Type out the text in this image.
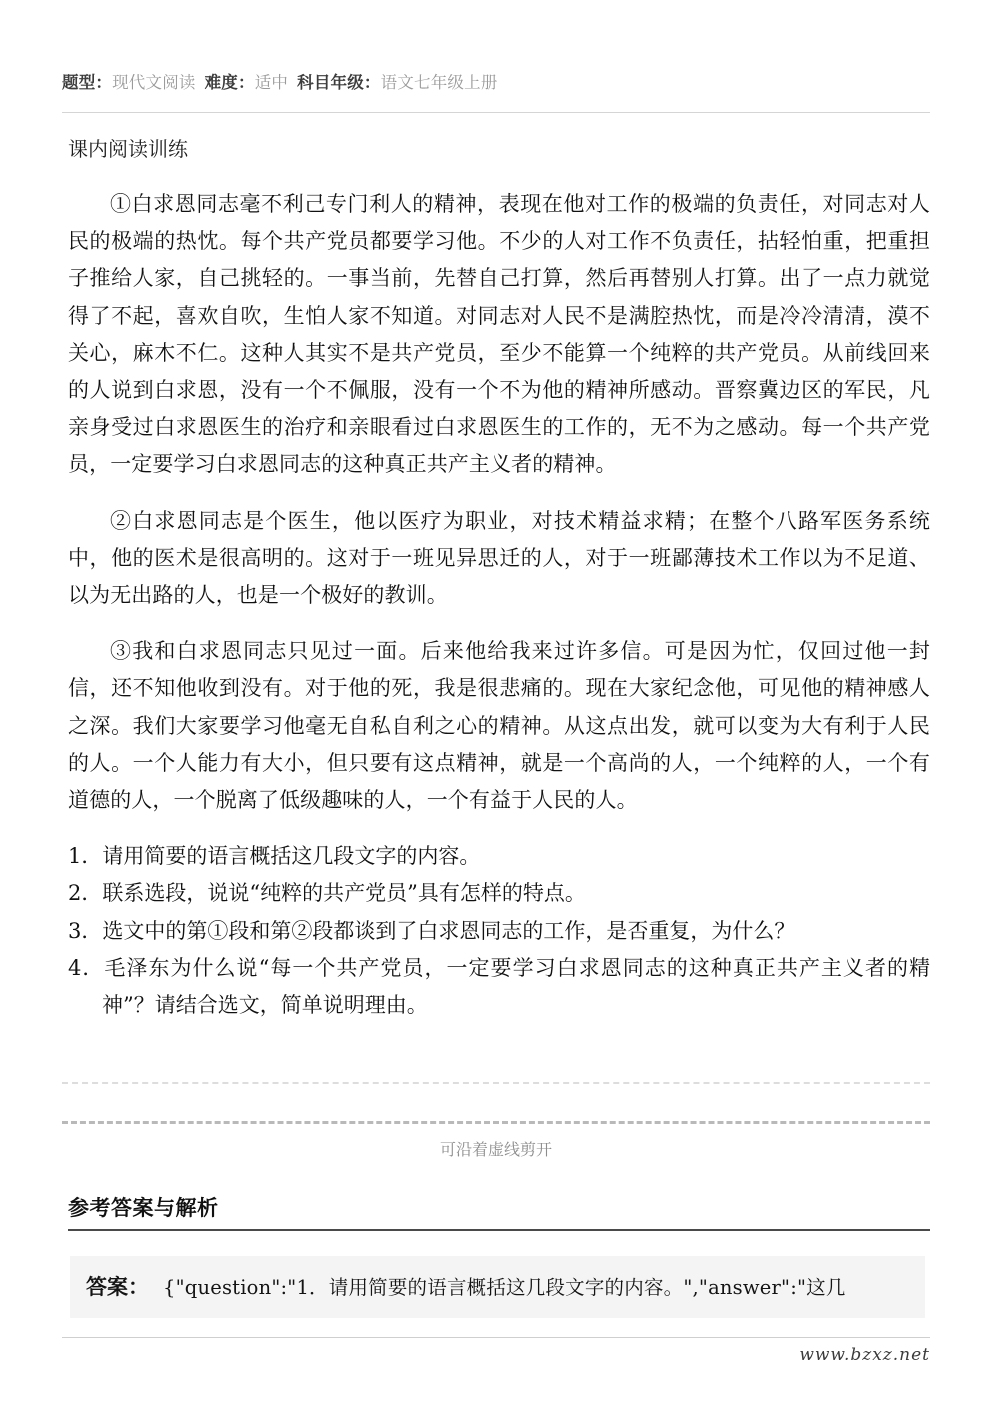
题型：现代文阅读 难度：适中 科目年级：语文七年级上册
课内阅读训练

①白求恩同志毫不利己专门利人的精神，表现在他对工作的极端的负责任，对同志对人民的极端的热忱。每个共产党员都要学习他。不少的人对工作不负责任，拈轻怕重，把重担子推给人家，自己挑轻的。一事当前，先替自己打算，然后再替别人打算。出了一点力就觉得了不起，喜欢自吹，生怕人家不知道。对同志对人民不是满腔热忱，而是冷冷清清，漠不关心，麻木不仁。这种人其实不是共产党员，至少不能算一个纯粹的共产党员。从前线回来的人说到白求恩，没有一个不佩服，没有一个不为他的精神所感动。晋察冀边区的军民，凡亲身受过白求恩医生的治疗和亲眼看过白求恩医生的工作的，无不为之感动。每一个共产党员，一定要学习白求恩同志的这种真正共产主义者的精神。

②白求恩同志是个医生，他以医疗为职业，对技术精益求精；在整个八路军医务系统中，他的医术是很高明的。这对于一班见异思迁的人，对于一班鄙薄技术工作以为不足道、以为无出路的人，也是一个极好的教训。

③我和白求恩同志只见过一面。后来他给我来过许多信。可是因为忙，仅回过他一封信，还不知他收到没有。对于他的死，我是很悲痛的。现在大家纪念他，可见他的精神感人之深。我们大家要学习他毫无自私自利之心的精神。从这点出发，就可以变为大有利于人民的人。一个人能力有大小，但只要有这点精神，就是一个高尚的人，一个纯粹的人，一个有道德的人，一个脱离了低级趣味的人，一个有益于人民的人。

1．请用简要的语言概括这几段文字的内容。
2．联系选段，说说“纯粹的共产党员”具有怎样的特点。
3．选文中的第①段和第②段都谈到了白求恩同志的工作，是否重复，为什么？
4．毛泽东为什么说“每一个共产党员，一定要学习白求恩同志的这种真正共产主义者的精神”？请结合选文，简单说明理由。
可沿着虚线剪开
参考答案与解析
答案： {"question":"1．请用简要的语言概括这几段文字的内容。","answer":"这几
www.bzxz.net
